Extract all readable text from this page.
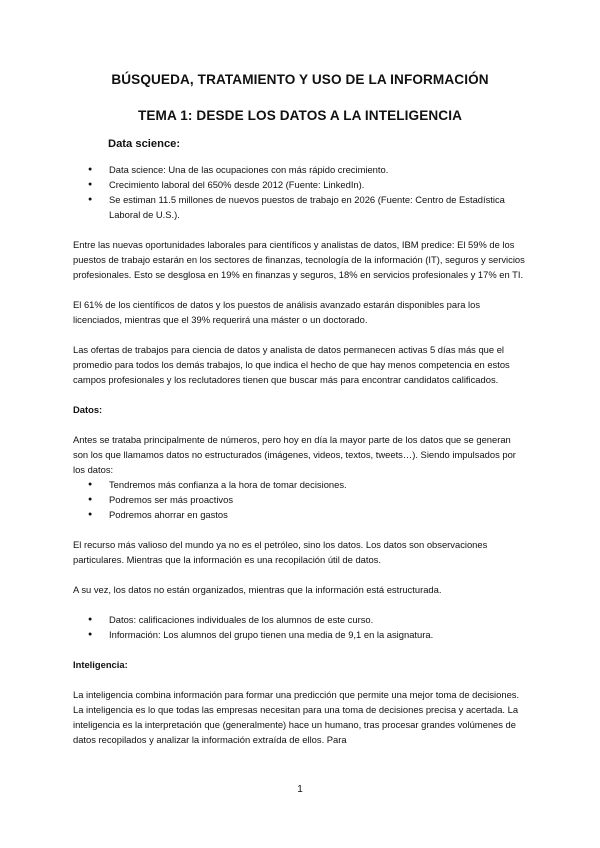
BÚSQUEDA, TRATAMIENTO Y USO DE LA INFORMACIÓN
TEMA 1: DESDE LOS DATOS A LA INTELIGENCIA
Data science:
● Data science: Una de las ocupaciones con más rápido crecimiento.
● Crecimiento laboral del 650% desde 2012 (Fuente: LinkedIn).
● Se estiman 11.5 millones de nuevos puestos de trabajo en 2026 (Fuente: Centro de Estadística Laboral de U.S.).

Entre las nuevas oportunidades laborales para científicos y analistas de datos, IBM predice: El 59% de los puestos de trabajo estarán en los sectores de finanzas, tecnología de la información (IT), seguros y servicios profesionales. Esto se desglosa en 19% en finanzas y seguros, 18% en servicios profesionales y 17% en TI.

El 61% de los científicos de datos y los puestos de análisis avanzado estarán disponibles para los licenciados, mientras que el 39% requerirá una máster o un doctorado.

Las ofertas de trabajos para ciencia de datos y analista de datos permanecen activas 5 días más que el promedio para todos los demás trabajos, lo que indica el hecho de que hay menos competencia en estos campos profesionales y los reclutadores tienen que buscar más para encontrar candidatos calificados.

Datos:

Antes se trataba principalmente de números, pero hoy en día la mayor parte de los datos que se generan son los que llamamos datos no estructurados (imágenes, videos, textos, tweets…). Siendo impulsados por los datos:

● Tendremos más confianza a la hora de tomar decisiones.
● Podremos ser más proactivos
● Podremos ahorrar en gastos

El recurso más valioso del mundo ya no es el petróleo, sino los datos. Los datos son observaciones particulares. Mientras que la información es una recopilación útil de datos.

A su vez, los datos no están organizados, mientras que la información está estructurada.

● Datos: calificaciones individuales de los alumnos de este curso.
● Información: Los alumnos del grupo tienen una media de 9,1 en la asignatura.

Inteligencia:

La inteligencia combina información para formar una predicción que permite una mejor toma de decisiones. La inteligencia es lo que todas las empresas necesitan para una toma de decisiones precisa y acertada. La inteligencia es la interpretación que (generalmente) hace un humano, tras procesar grandes volúmenes de datos recopilados y analizar la información extraída de ellos. Para

1
